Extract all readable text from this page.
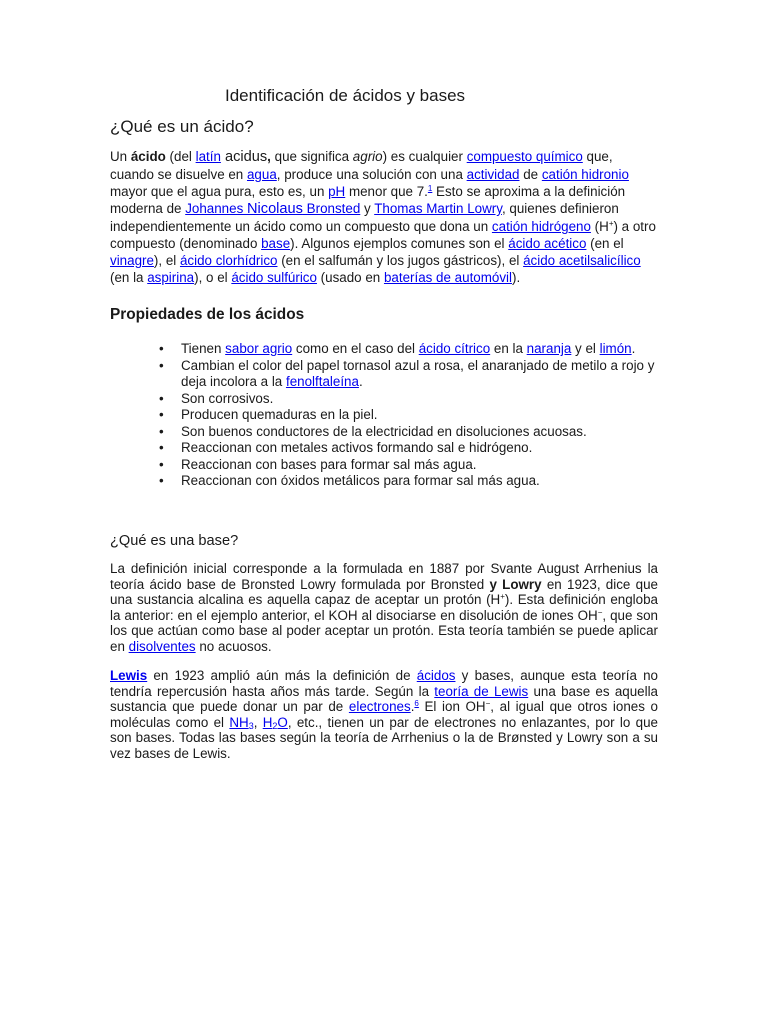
Identificación de ácidos y bases
¿Qué es un ácido?
Un ácido (del latín acidus, que significa agrio) es cualquier compuesto químico que, cuando se disuelve en agua, produce una solución con una actividad de catión hidronio mayor que el agua pura, esto es, un pH menor que 7.$^1$ Esto se aproxima a la definición moderna de Johannes Nicolaus Bronsted y Thomas Martin Lowry, quienes definieron independientemente un ácido como un compuesto que dona un catión hidrógeno (H+) a otro compuesto (denominado base). Algunos ejemplos comunes son el ácido acético (en el vinagre), el ácido clorhídrico (en el salfumán y los jugos gástricos), el ácido acetilsalicílico (en la aspirina), o el ácido sulfúrico (usado en baterías de automóvil).
Propiedades de los ácidos
• Tienen sabor agrio como en el caso del ácido cítrico en la naranja y el limón.
• Cambian el color del papel tornasol azul a rosa, el anaranjado de metilo a rojo y deja incolora a la fenolftaleína.
• Son corrosivos.
• Producen quemaduras en la piel.
• Son buenos conductores de la electricidad en disoluciones acuosas.
• Reaccionan con metales activos formando sal e hidrógeno.
• Reaccionan con bases para formar sal más agua.
• Reaccionan con óxidos metálicos para formar sal más agua.
¿Qué es una base?
La definición inicial corresponde a la formulada en 1887 por Svante August Arrhenius la teoría ácido base de Bronsted Lowry formulada por Bronsted y Lowry en 1923, dice que una sustancia alcalina es aquella capaz de aceptar un protón (H+). Esta definición engloba la anterior: en el ejemplo anterior, el KOH al disociarse en disolución de iones OH−, que son los que actúan como base al poder aceptar un protón. Esta teoría también se puede aplicar en disolventes no acuosos.
Lewis en 1923 amplió aún más la definición de ácidos y bases, aunque esta teoría no tendría repercusión hasta años más tarde. Según la teoría de Lewis una base es aquella sustancia que puede donar un par de electrones.$^6$ El ion OH−, al igual que otros iones o moléculas como el $NH_3$, $H_2O$, etc., tienen un par de electrones no enlazantes, por lo que son bases. Todas las bases según la teoría de Arrhenius o la de Brønsted y Lowry son a su vez bases de Lewis.
